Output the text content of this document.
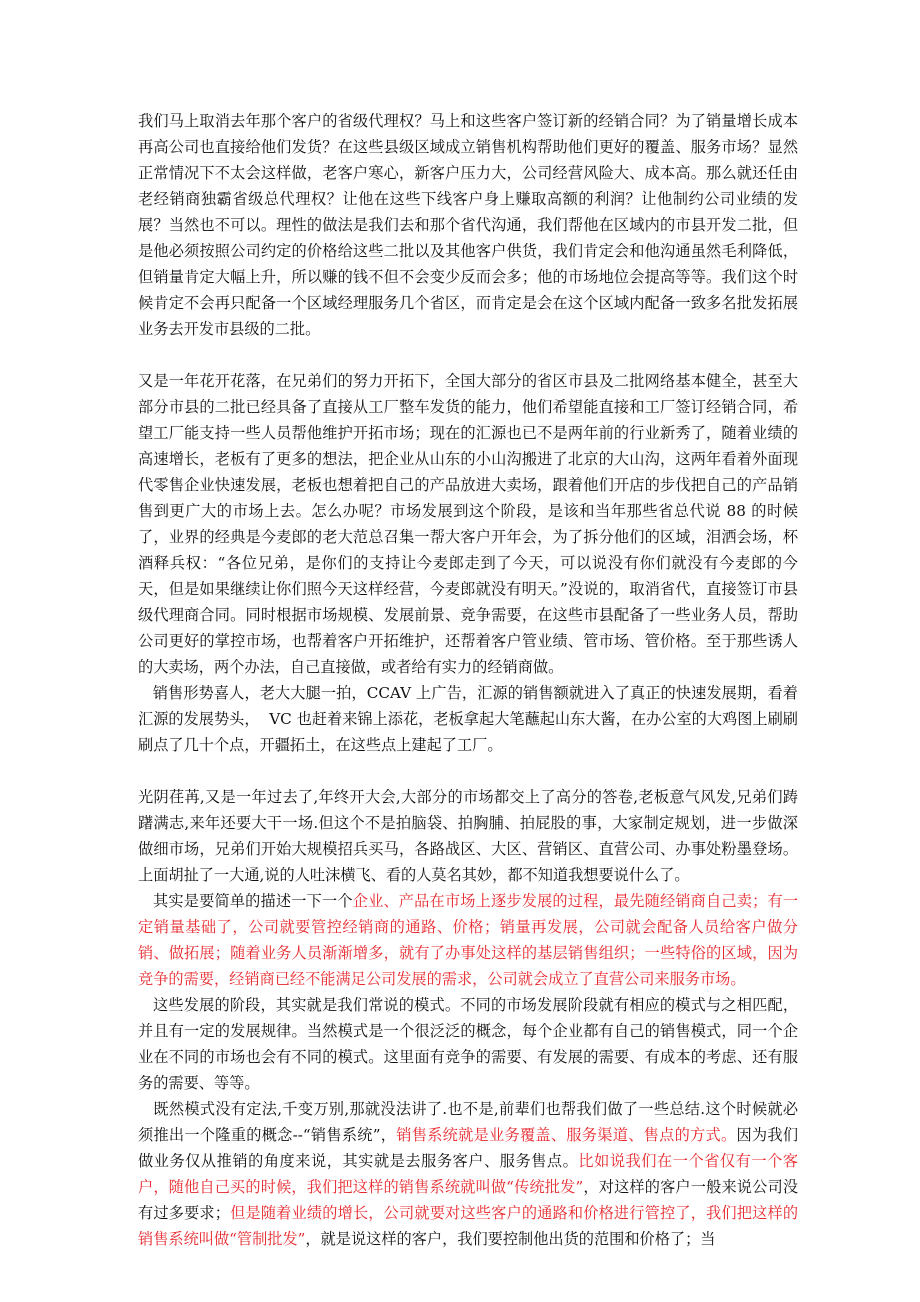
我们马上取消去年那个客户的省级代理权？马上和这些客户签订新的经销合同？为了销量增长成本再高公司也直接给他们发货？在这些县级区域成立销售机构帮助他们更好的覆盖、服务市场？显然正常情况下不太会这样做，老客户寒心，新客户压力大，公司经营风险大、成本高。那么就还任由老经销商独霸省级总代理权？让他在这些下线客户身上赚取高额的利润？让他制约公司业绩的发展？当然也不可以。理性的做法是我们去和那个省代沟通，我们帮他在区域内的市县开发二批，但是他必须按照公司约定的价格给这些二批以及其他客户供货，我们肯定会和他沟通虽然毛利降低，但销量肯定大幅上升，所以赚的钱不但不会变少反而会多；他的市场地位会提高等等。我们这个时候肯定不会再只配备一个区域经理服务几个省区，而肯定是会在这个区域内配备一致多名批发拓展业务去开发市县级的二批。

又是一年花开花落，在兄弟们的努力开拓下，全国大部分的省区市县及二批网络基本健全，甚至大部分市县的二批已经具备了直接从工厂整车发货的能力，他们希望能直接和工厂签订经销合同，希望工厂能支持一些人员帮他维护开拓市场；现在的汇源也已不是两年前的行业新秀了，随着业绩的高速增长，老板有了更多的想法，把企业从山东的小山沟搬进了北京的大山沟，这两年看着外面现代零售企业快速发展，老板也想着把自己的产品放进大卖场，跟着他们开店的步伐把自己的产品销售到更广大的市场上去。怎么办呢？市场发展到这个阶段，是该和当年那些省总代说 88 的时候了，业界的经典是今麦郎的老大范总召集一帮大客户开年会，为了拆分他们的区域，泪洒会场，杯酒释兵权：“各位兄弟，是你们的支持让今麦郎走到了今天，可以说没有你们就没有今麦郎的今天，但是如果继续让你们照今天这样经营，今麦郎就没有明天。”没说的，取消省代，直接签订市县级代理商合同。同时根据市场规模、发展前景、竞争需要，在这些市县配备了一些业务人员，帮助公司更好的掌控市场，也帮着客户开拓维护，还帮着客户管业绩、管市场、管价格。至于那些诱人的大卖场，两个办法，自己直接做，或者给有实力的经销商做。

销售形势喜人，老大大腿一拍，CCAV 上广告，汇源的销售额就进入了真正的快速发展期，看着汇源的发展势头，  VC 也赶着来锦上添花，老板拿起大笔蘸起山东大酱，在办公室的大鸡图上刷刷刷点了几十个点，开疆拓土，在这些点上建起了工厂。

光阴荏苒,又是一年过去了,年终开大会,大部分的市场都交上了高分的答卷,老板意气风发,兄弟们踌躇满志,来年还要大干一场.但这个不是拍脑袋、拍胸脯、拍屁股的事，大家制定规划，进一步做深做细市场，兄弟们开始大规模招兵买马，各路战区、大区、营销区、直营公司、办事处粉墨登场。上面胡扯了一大通,说的人吐沫横飞、看的人莫名其妙，都不知道我想要说什么了。

其实是要简单的描述一下一个企业、产品在市场上逐步发展的过程，最先随经销商自己卖；有一定销量基础了，公司就要管控经销商的通路、价格；销量再发展，公司就会配备人员给客户做分销、做拓展；随着业务人员渐渐增多，就有了办事处这样的基层销售组织；一些特俗的区域，因为竞争的需要，经销商已经不能满足公司发展的需求，公司就会成立了直营公司来服务市场。

这些发展的阶段，其实就是我们常说的模式。不同的市场发展阶段就有相应的模式与之相匹配，并且有一定的发展规律。当然模式是一个很泛泛的概念，每个企业都有自己的销售模式，同一个企业在不同的市场也会有不同的模式。这里面有竞争的需要、有发展的需要、有成本的考虑、还有服务的需要、等等。

既然模式没有定法,千变万别,那就没法讲了.也不是,前辈们也帮我们做了一些总结.这个时候就必须推出一个隆重的概念--“销售系统”，销售系统就是业务覆盖、服务渠道、售点的方式。因为我们做业务仅从推销的角度来说，其实就是去服务客户、服务售点。比如说我们在一个省仅有一个客户，随他自己买的时候，我们把这样的销售系统就叫做“传统批发”，对这样的客户一般来说公司没有过多要求；但是随着业绩的增长，公司就要对这些客户的通路和价格进行管控了，我们把这样的销售系统叫做“管制批发”，就是说这样的客户，我们要控制他出货的范围和价格了；当
